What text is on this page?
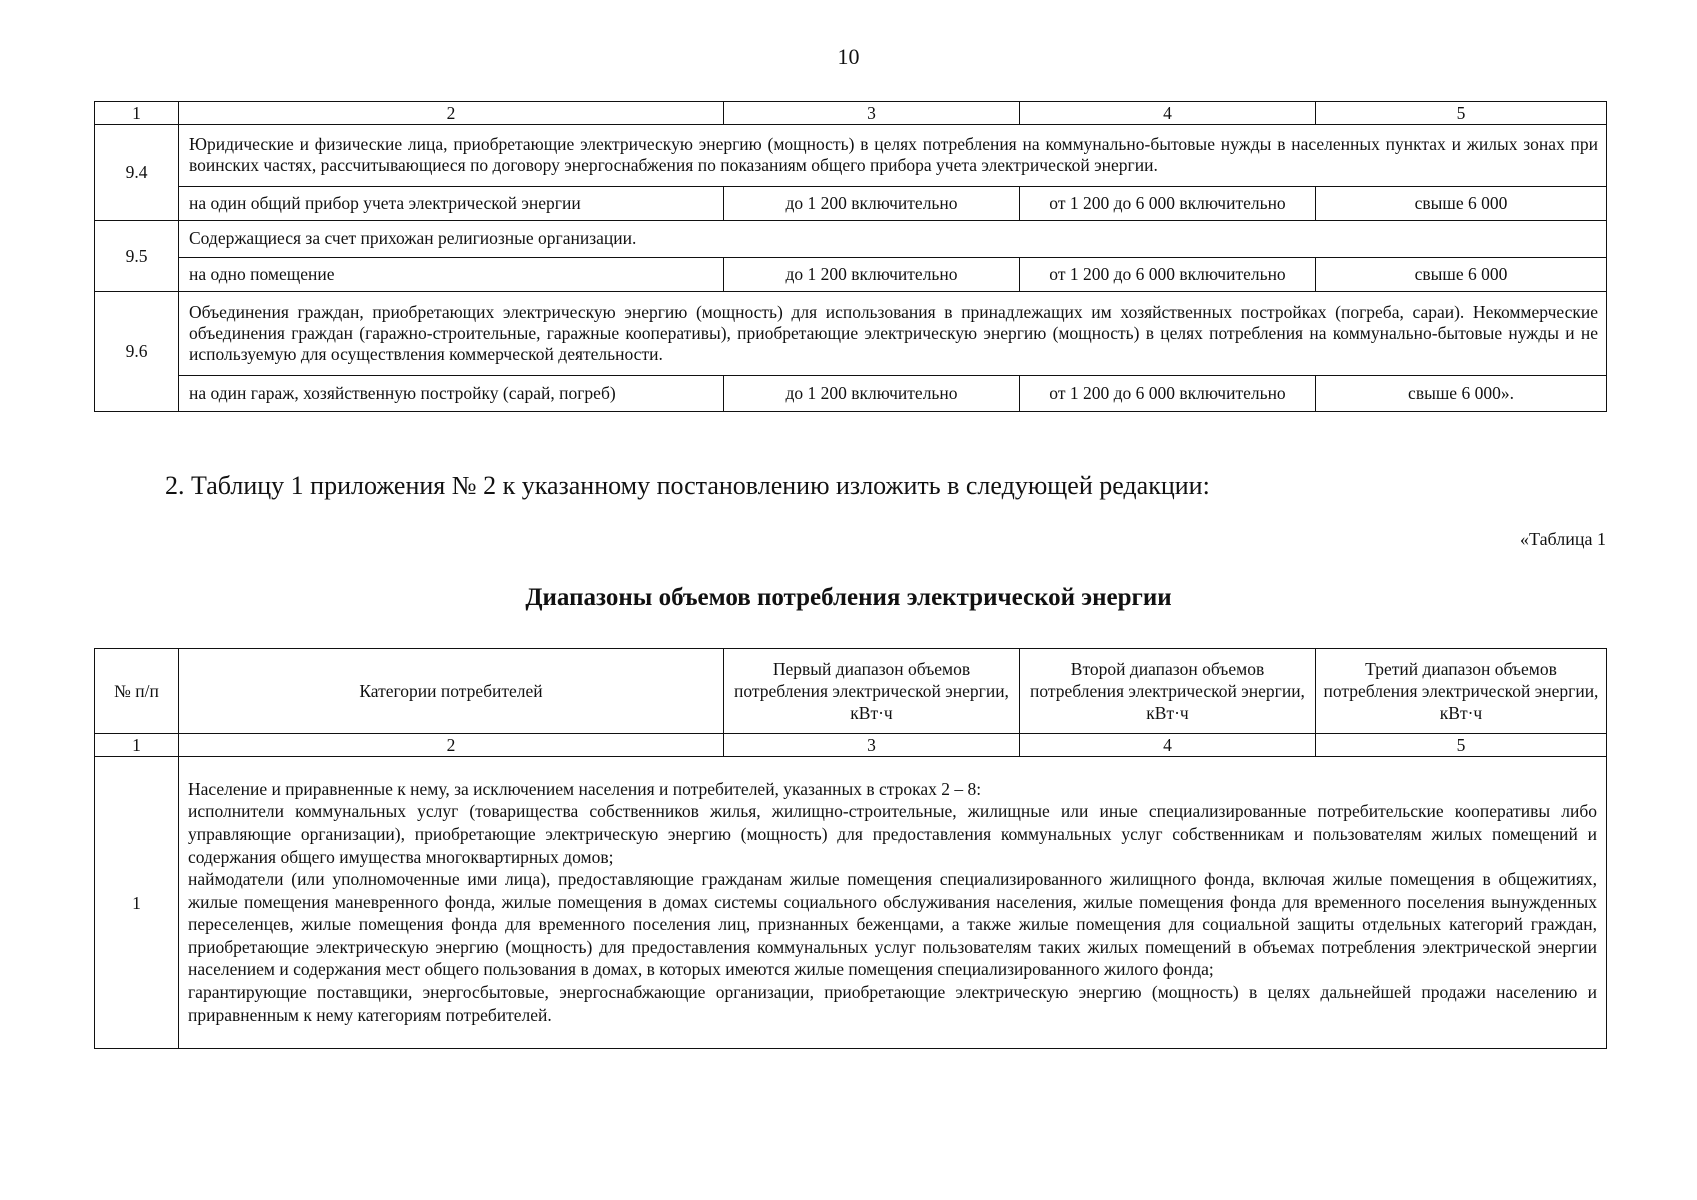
10
1	2	3	4	5
9.4	Юридические и физические лица, приобретающие электрическую энергию (мощность) в целях потребления на коммунально-бытовые нужды в населенных пунктах и жилых зонах при воинских частях, рассчитывающиеся по договору энергоснабжения по показаниям общего прибора учета электрической энергии.			
	на один общий прибор учета электрической энергии	до 1 200 включительно	от 1 200 до 6 000 включительно	свыше 6 000
9.5	Содержащиеся за счет прихожан религиозные организации.			
	на одно помещение	до 1 200 включительно	от 1 200 до 6 000 включительно	свыше 6 000
9.6	Объединения граждан, приобретающих электрическую энергию (мощность) для использования в принадлежащих им хозяйственных постройках (погреба, сараи). Некоммерческие объединения граждан (гаражно-строительные, гаражные кооперативы), приобретающие электрическую энергию (мощность) в целях потребления на коммунально-бытовые нужды и не используемую для осуществления коммерческой деятельности.			
	на один гараж, хозяйственную постройку (сарай, погреб)	до 1 200 включительно	от 1 200 до 6 000 включительно	свыше 6 000».
2. Таблицу 1 приложения № 2 к указанному постановлению изложить в следующей редакции:
«Таблица 1
Диапазоны объемов потребления электрической энергии
№ п/п	Категории потребителей	Первый диапазон объемов потребления электрической энергии, кВт·ч	Второй диапазон объемов потребления электрической энергии, кВт·ч	Третий диапазон объемов потребления электрической энергии, кВт·ч
1	2	3	4	5
1	Население и приравненные к нему, за исключением населения и потребителей, указанных в строках 2 – 8:

исполнители коммунальных услуг (товарищества собственников жилья, жилищно-строительные, жилищные или иные специализированные потребительские кооперативы либо управляющие организации), приобретающие электрическую энергию (мощность) для предоставления коммунальных услуг собственникам и пользователям жилых помещений и содержания общего имущества многоквартирных домов;

наймодатели (или уполномоченные ими лица), предоставляющие гражданам жилые помещения специализированного жилищного фонда, включая жилые помещения в общежитиях, жилые помещения маневренного фонда, жилые помещения в домах системы социального обслуживания населения, жилые помещения фонда для временного поселения вынужденных переселенцев, жилые помещения фонда для временного поселения лиц, признанных беженцами, а также жилые помещения для социальной защиты отдельных категорий граждан, приобретающие электрическую энергию (мощность) для предоставления коммунальных услуг пользователям таких жилых помещений в объемах потребления электрической энергии населением и содержания мест общего пользования в домах, в которых имеются жилые помещения специализированного жилого фонда;

гарантирующие поставщики, энергосбытовые, энергоснабжающие организации, приобретающие электрическую энергию (мощность) в целях дальнейшей продажи населению и приравненным к нему категориям потребителей.			
